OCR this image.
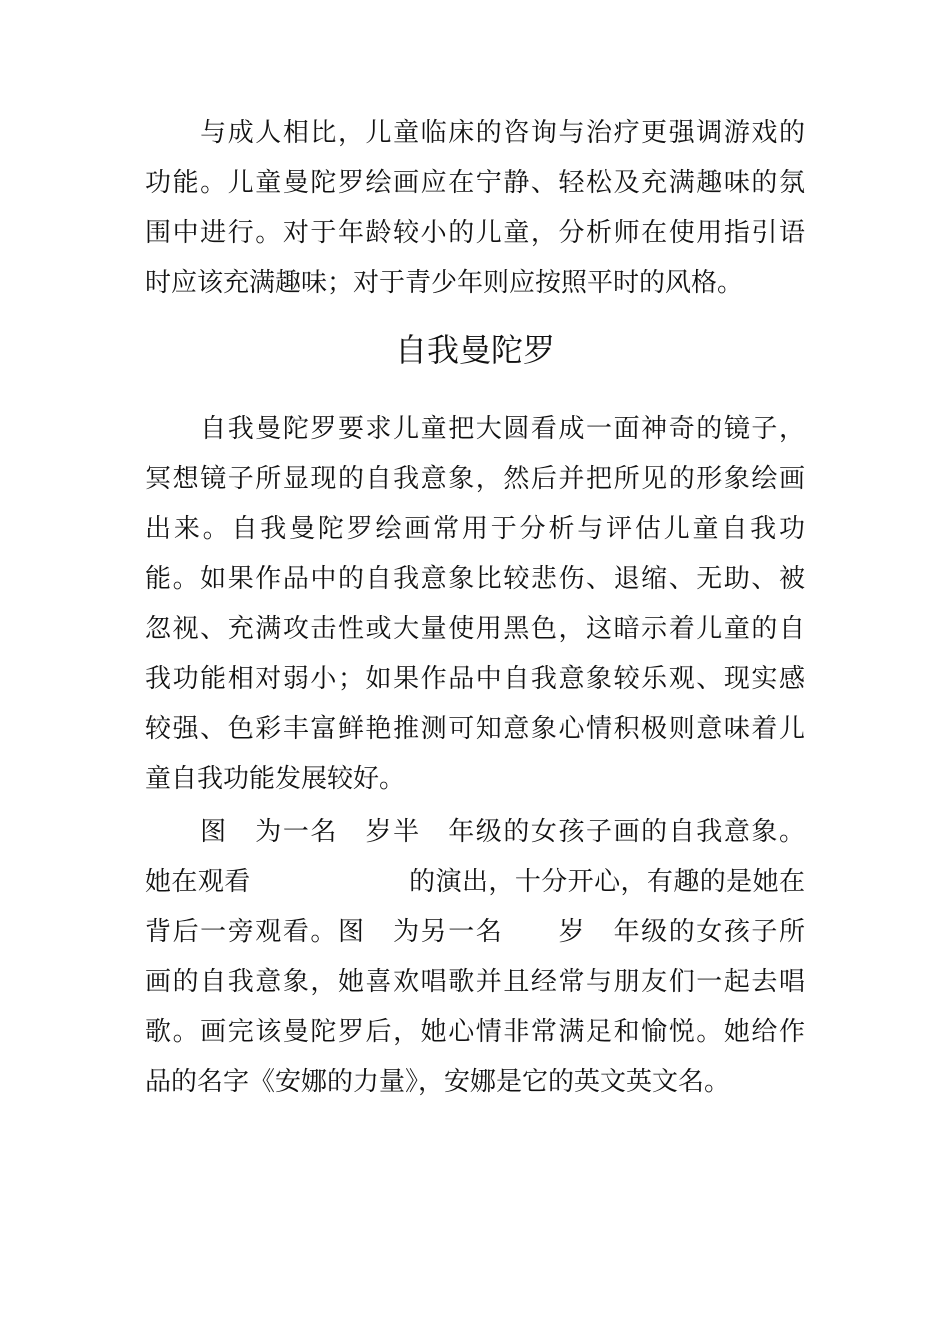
　　与成人相比，儿童临床的咨询与治疗更强调游戏的
功能。儿童曼陀罗绘画应在宁静、轻松及充满趣味的氛
围中进行。对于年龄较小的儿童，分析师在使用指引语
时应该充满趣味；对于青少年则应按照平时的风格。
自我曼陀罗
　　自我曼陀罗要求儿童把大圆看成一面神奇的镜子，
冥想镜子所显现的自我意象，然后并把所见的形象绘画
出来。自我曼陀罗绘画常用于分析与评估儿童自我功
能。如果作品中的自我意象比较悲伤、退缩、无助、被
忽视、充满攻击性或大量使用黑色，这暗示着儿童的自
我功能相对弱小；如果作品中自我意象较乐观、现实感
较强、色彩丰富鲜艳推测可知意象心情积极则意味着儿
童自我功能发展较好。
　　图　为一名　岁半　年级的女孩子画的自我意象。
她在观看　　　　　　的演出，十分开心，有趣的是她在
背后一旁观看。图　为另一名　　岁　年级的女孩子所
画的自我意象，她喜欢唱歌并且经常与朋友们一起去唱
歌。画完该曼陀罗后，她心情非常满足和愉悦。她给作
品的名字《安娜的力量》，安娜是它的英文英文名。
